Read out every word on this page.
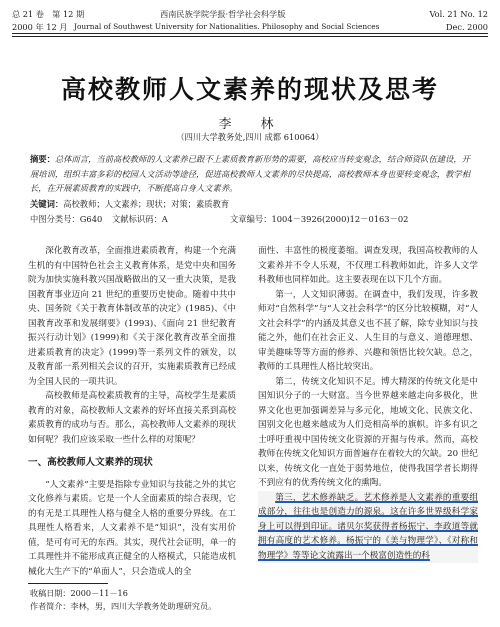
总 21 卷　第 12 期	西南民族学院学报·哲学社会科学版	Vol. 21 No. 12
2000 年 12 月 Journal of Southwest University for Nationalities. Philosophy and Social Sciences	Dec. 2000
高校教师人文素养的现状及思考
李　林
（四川大学教务处,四川 成都 610064）
摘要：总体而言，当前高校教师的人文素养已跟不上素质教育新形势的需要，高校应当转变观念，结合师资队伍建设，开展培训，组织丰富多彩的校园人文活动等途径，促进高校教师人文素养的尽快提高，高校教师本身也要转变观念，教学相长，在开展素质教育的实践中，不断提高自身人文素养。
关键词：高校教师；人文素养；现状；对策；素质教育
中图分类号：G640 文献标识码：A	文章编号：1004－3926(2000)12－0163－02

深化教育改革，全面推进素质教育，构建一个充满生机的有中国特色社会主义教育体系，是党中央和国务院为加快实施科教兴国战略做出的又一重大决策，是我国教育事业迈向 21 世纪的重要历史使命。随着中共中央、国务院《关于教育体制改革的决定》(1985)、《中国教育改革和发展纲要》(1993)、《面向 21 世纪教育振兴行动计划》(1999)和《关于深化教育改革全面推进素质教育的决定》(1999)等一系列文件的颁发，以及教育部一系列相关会议的召开，实施素质教育已经成为全国人民的一项共识。

高校教师是高校素质教育的主导，高校学生是素质教育的对象，高校教师人文素养的好坏直接关系到高校素质教育的成功与否。那么，高校教师人文素养的现状如何呢？我们应该采取一些什么样的对策呢？

一、高校教师人文素养的现状

“人文素养”主要是指除专业知识与技能之外的其它文化修养与素质。它是一个人全面素质的综合表现，它的有无是工具理性人格与健全人格的重要分界线。在工具理性人格看来，人文素养不是“知识”，没有实用价值，是可有可无的东西。其实，现代社会证明，单一的工具理性并不能形成真正健全的人格模式，只能造成机械化大生产下的“单面人”，只会造成人的全

面性、丰富性的极度萎缩。调查发现，我国高校教师的人文素养并不令人乐观，不仅理工科教师如此，许多人文学科教师也同样如此。这主要表现在以下几个方面。

第一，人文知识薄弱。在调查中，我们发现，许多教师对“自然科学”与“人文社会科学”的区分比较模糊，对“人文社会科学”的内涵及其意义也不甚了解，除专业知识与技能之外，他们在社会正义、人生目的与意义、道德理想、审美趣味等等方面的修养、兴趣和领悟比较欠缺。总之，教师的工具理性人格比较突出。

第二，传统文化知识不足。博大精深的传统文化是中国知识分子的一大财富。当今世界越来越走向多极化，世界文化也更加强调差异与多元化，地域文化、民族文化、国别文化也越来越成为人们竞相高举的旗帜。许多有识之士呼吁重视中国传统文化资源的开掘与传承。然而，高校教师在传统文化知识方面普遍存在着较大的欠缺。20 世纪以来，传统文化一直处于弱势地位，使得我国学者长期得不到应有的优秀传统文化的熏陶。

第三，艺术修养缺乏。艺术修养是人文素养的重要组成部分，往往也是创造力的源泉。这在许多世界级科学家身上可以得到印证。诸贝尔奖获得者杨振宁、李政道等就拥有高度的艺术修养。杨振宁的《美与物理学》、《对称和物理学》等等论文流露出一个极富创造性的科

收稿日期：2000－11－16
作者简介：李林，男，四川大学教务处助理研究员。
